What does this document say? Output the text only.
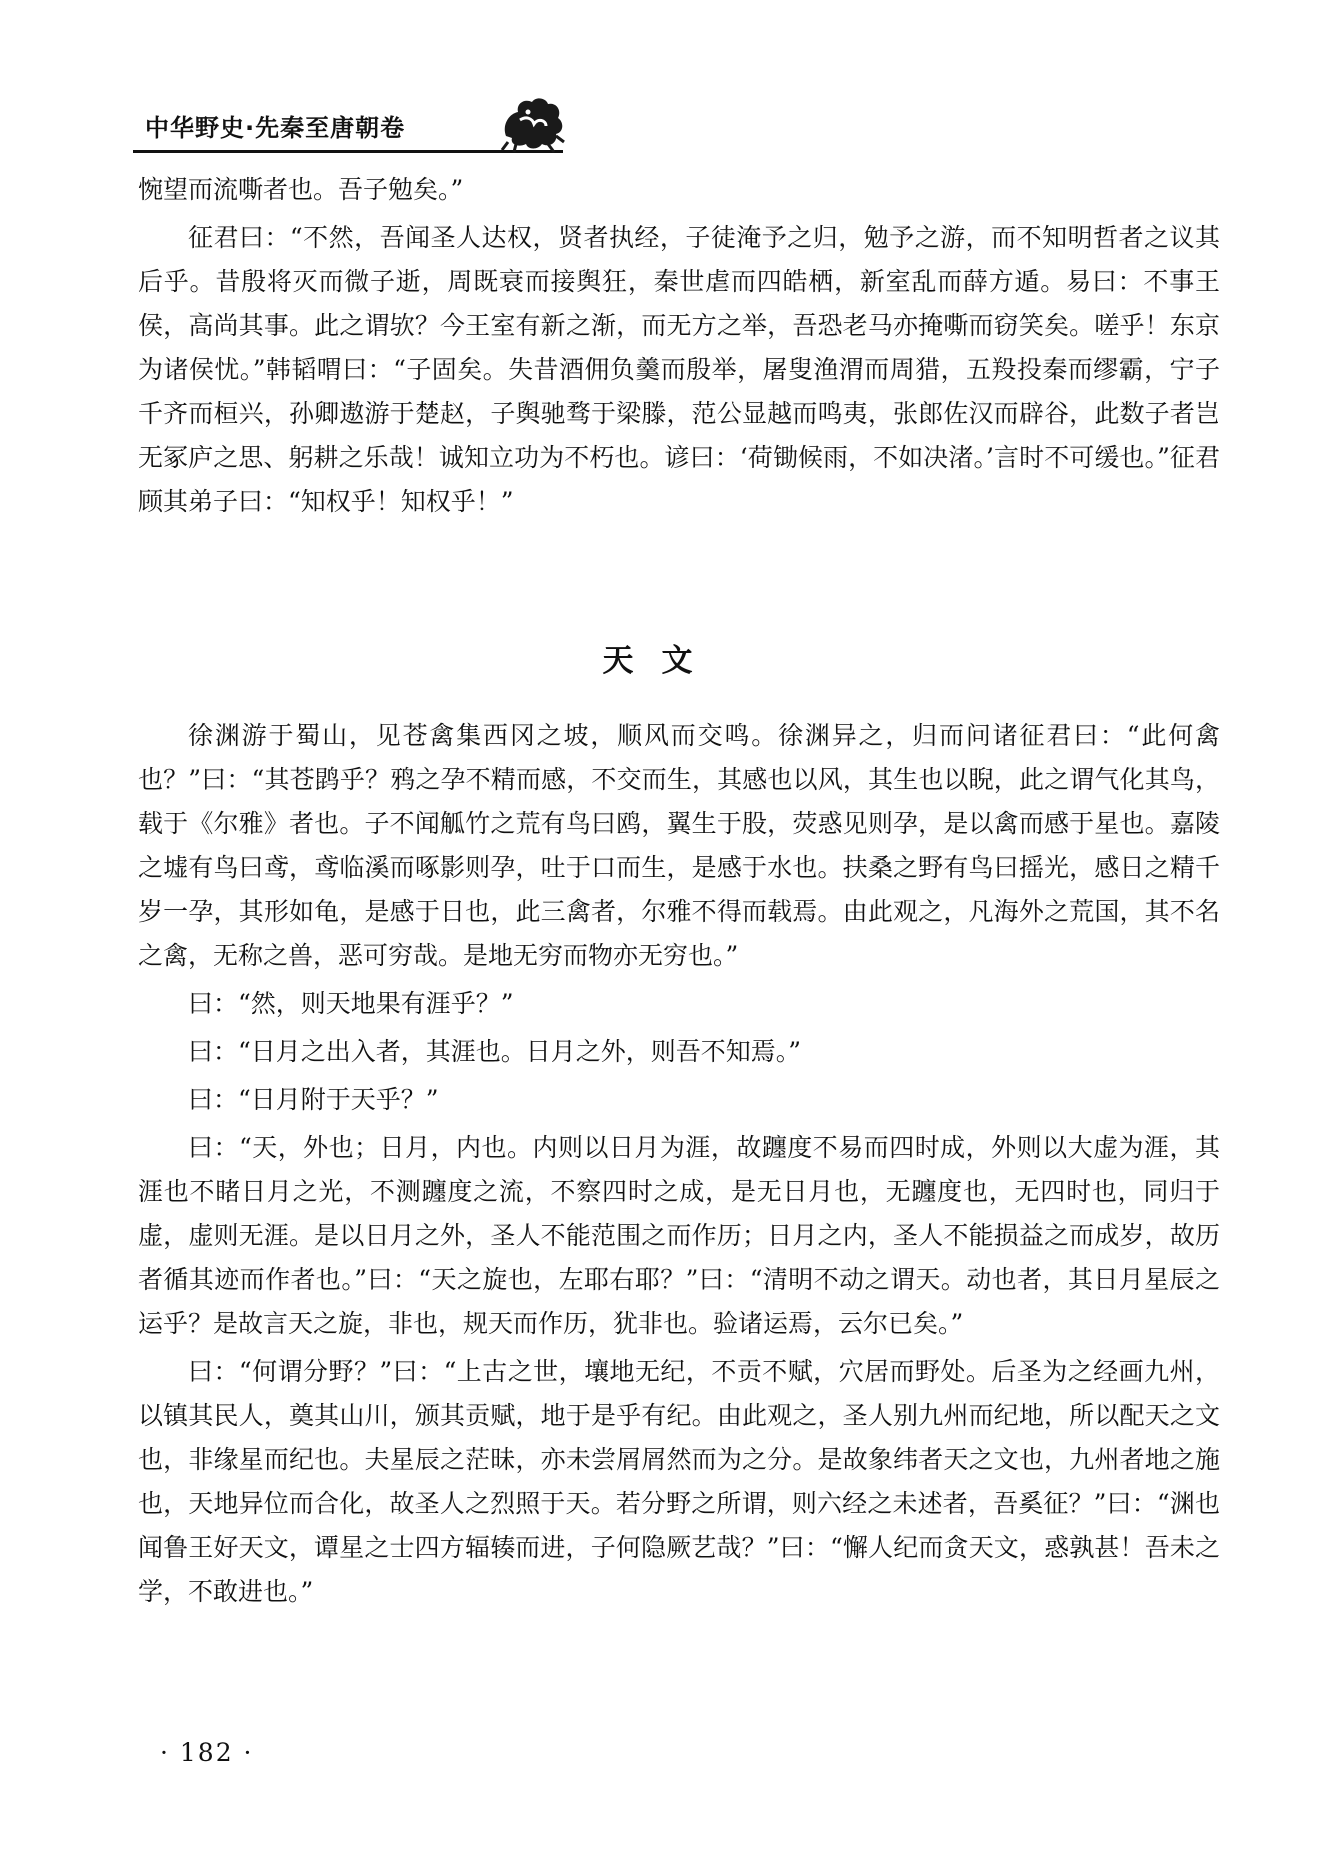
中华野史·先秦至唐朝卷

惋望而流嘶者也。吾子勉矣。”

征君曰：“不然，吾闻圣人达权，贤者执经，子徒淹予之归，勉予之游，而不知明哲者之议其后乎。昔殷将灭而微子逝，周既衰而接舆狂，秦世虐而四皓栖，新室乱而薛方遁。易曰：不事王侯，高尚其事。此之谓欤？今王室有新之渐，而无方之举，吾恐老马亦掩嘶而窃笑矣。嗟乎！东京为诸侯忧。”韩韬喟曰：“子固矣。失昔酒佣负羹而殷举，屠叟渔渭而周猎，五羖投秦而缪霸，宁子千齐而桓兴，孙卿遨游于楚赵，子舆驰骛于梁滕，范公显越而鸣夷，张郎佐汉而辟谷，此数子者岂无冢庐之思、躬耕之乐哉！诚知立功为不朽也。谚曰：‘荷锄候雨，不如决渚。’言时不可缓也。”征君顾其弟子曰：“知权乎！知权乎！”

天文

徐渊游于蜀山，见苍禽集西冈之坡，顺风而交鸣。徐渊异之，归而问诸征君曰：“此何禽也？”曰：“其苍鹍乎？鸦之孕不精而感，不交而生，其感也以风，其生也以睨，此之谓气化其鸟，载于《尔雅》者也。子不闻觚竹之荒有鸟曰鸥，翼生于股，荧惑见则孕，是以禽而感于星也。嘉陵之墟有鸟曰鸢，鸢临溪而啄影则孕，吐于口而生，是感于水也。扶桑之野有鸟曰摇光，感日之精千岁一孕，其形如龟，是感于日也，此三禽者，尔雅不得而载焉。由此观之，凡海外之荒国，其不名之禽，无称之兽，恶可穷哉。是地无穷而物亦无穷也。”

曰：“然，则天地果有涯乎？”

曰：“日月之出入者，其涯也。日月之外，则吾不知焉。”

曰：“日月附于天乎？”

曰：“天，外也；日月，内也。内则以日月为涯，故躔度不易而四时成，外则以大虚为涯，其涯也不睹日月之光，不测躔度之流，不察四时之成，是无日月也，无躔度也，无四时也，同归于虚，虚则无涯。是以日月之外，圣人不能范围之而作历；日月之内，圣人不能损益之而成岁，故历者循其迹而作者也。”曰：“天之旋也，左耶右耶？”曰：“清明不动之谓天。动也者，其日月星辰之运乎？是故言天之旋，非也，规天而作历，犹非也。验诸运焉，云尔已矣。”

曰：“何谓分野？”曰：“上古之世，壤地无纪，不贡不赋，穴居而野处。后圣为之经画九州，以镇其民人，奠其山川，颁其贡赋，地于是乎有纪。由此观之，圣人别九州而纪地，所以配天之文也，非缘星而纪也。夫星辰之茫昧，亦未尝屑屑然而为之分。是故象纬者天之文也，九州者地之施也，天地异位而合化，故圣人之烈照于天。若分野之所谓，则六经之未述者，吾奚征？”曰：“渊也闻鲁王好天文，谭星之士四方辐辏而进，子何隐厥艺哉？”曰：“懈人纪而贪天文，惑孰甚！吾未之学，不敢进也。”

· 182 ·
